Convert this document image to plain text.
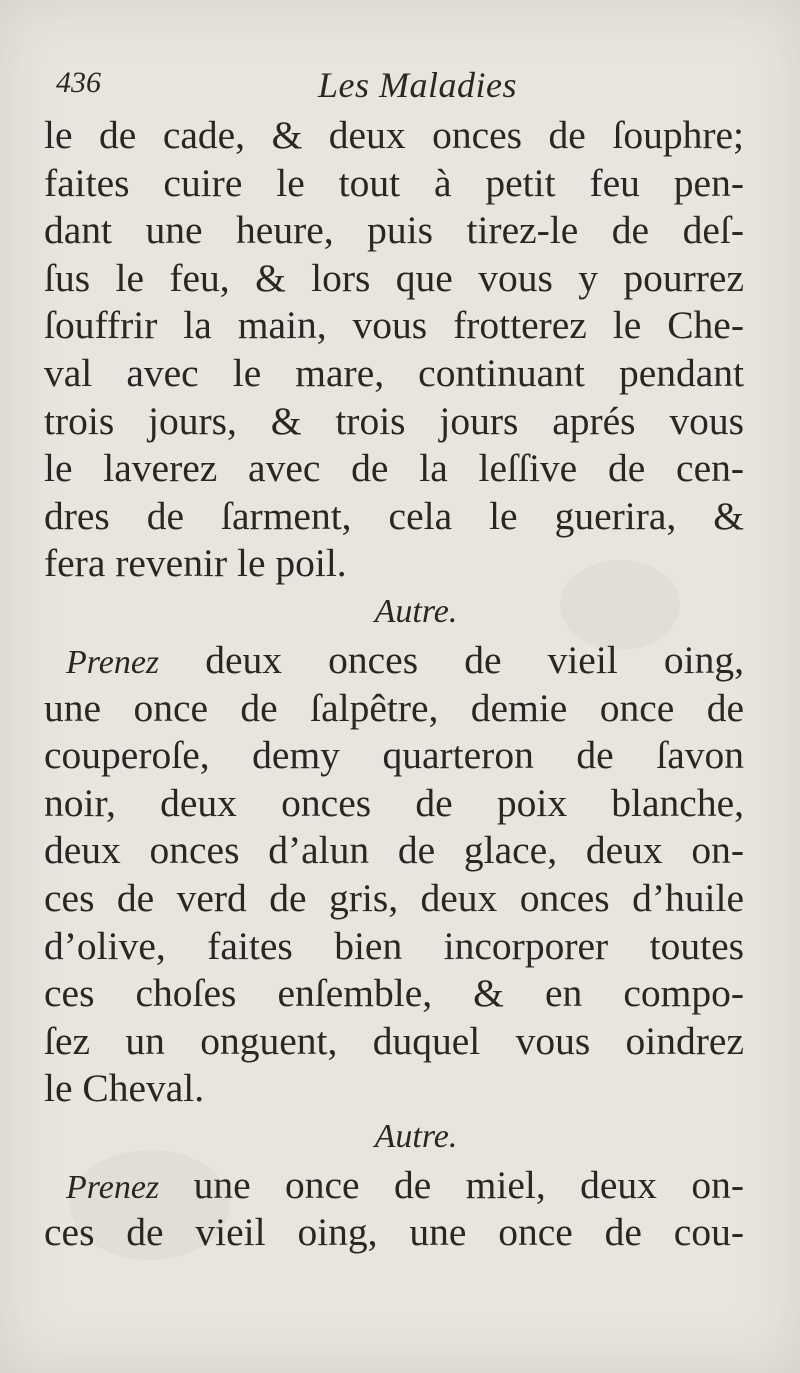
436	Les Maladies
le de cade, & deux onces de ſouphre;
faites cuire le tout à petit feu pen-
dant une heure, puis tirez-le de deſ-
ſus le feu, & lors que vous y pourrez
ſouffrir la main, vous frotterez le Che-
val avec le mare, continuant pendant
trois jours, & trois jours aprés vous
le laverez avec de la leſſive de cen-
dres de ſarment, cela le guerira, &
fera revenir le poil.
Autre.
Prenez deux onces de vieil oing,
une once de ſalpêtre, demie once de
couperoſe, demy quarteron de ſavon
noir, deux onces de poix blanche,
deux onces d’alun de glace, deux on-
ces de verd de gris, deux onces d’huile
d’olive, faites bien incorporer toutes
ces choſes enſemble, & en compo-
ſez un onguent, duquel vous oindrez
le Cheval.
Autre.
Prenez une once de miel, deux on-
ces de vieil oing, une once de cou-
